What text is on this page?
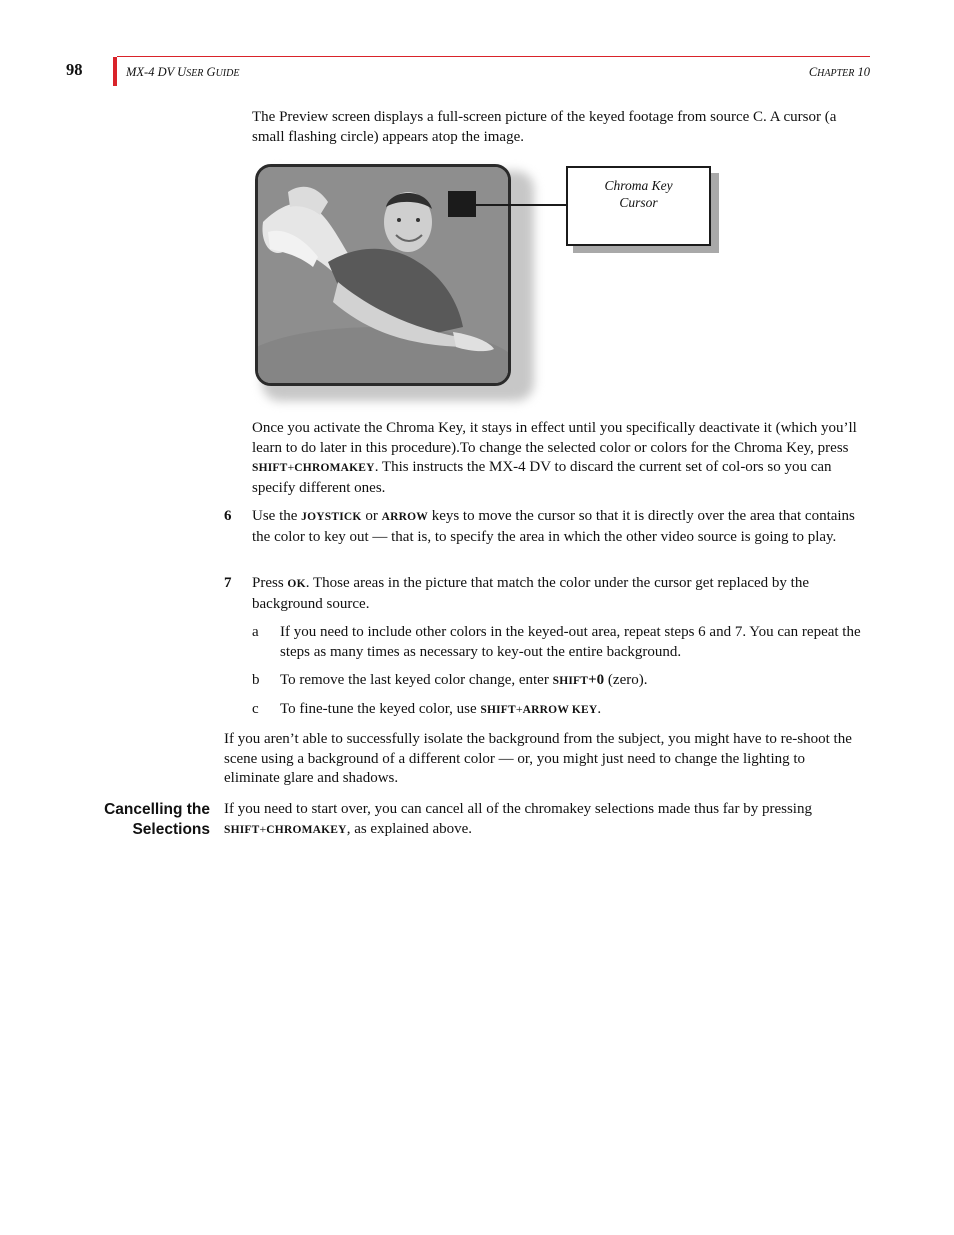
98	MX-4 DV USER GUIDE	CHAPTER 10
The Preview screen displays a full-screen picture of the keyed footage from source C. A cursor (a small flashing circle) appears atop the image.
Chroma Key
Cursor
Once you activate the Chroma Key, it stays in effect until you specifically deactivate it (which you’ll learn to do later in this procedure).To change the selected color or colors for the Chroma Key, press SHIFT+CHROMAKEY. This instructs the MX-4 DV to discard the current set of col-ors so you can specify different ones.
6 Use the JOYSTICK or ARROW keys to move the cursor so that it is directly over the area that contains the color to key out — that is, to specify the area in which the other video source is going to play.
7 Press OK. Those areas in the picture that match the color under the cursor get replaced by the background source.
a If you need to include other colors in the keyed-out area, repeat steps 6 and 7. You can repeat the steps as many times as necessary to key-out the entire background.
b To remove the last keyed color change, enter SHIFT+0 (zero).
c To fine-tune the keyed color, use SHIFT+ARROW KEY.
If you aren’t able to successfully isolate the background from the subject, you might have to re-shoot the scene using a background of a different color — or, you might just need to change the lighting to eliminate glare and shadows.
Cancelling the
Selections
If you need to start over, you can cancel all of the chromakey selections made thus far by pressing SHIFT+CHROMAKEY, as explained above.
